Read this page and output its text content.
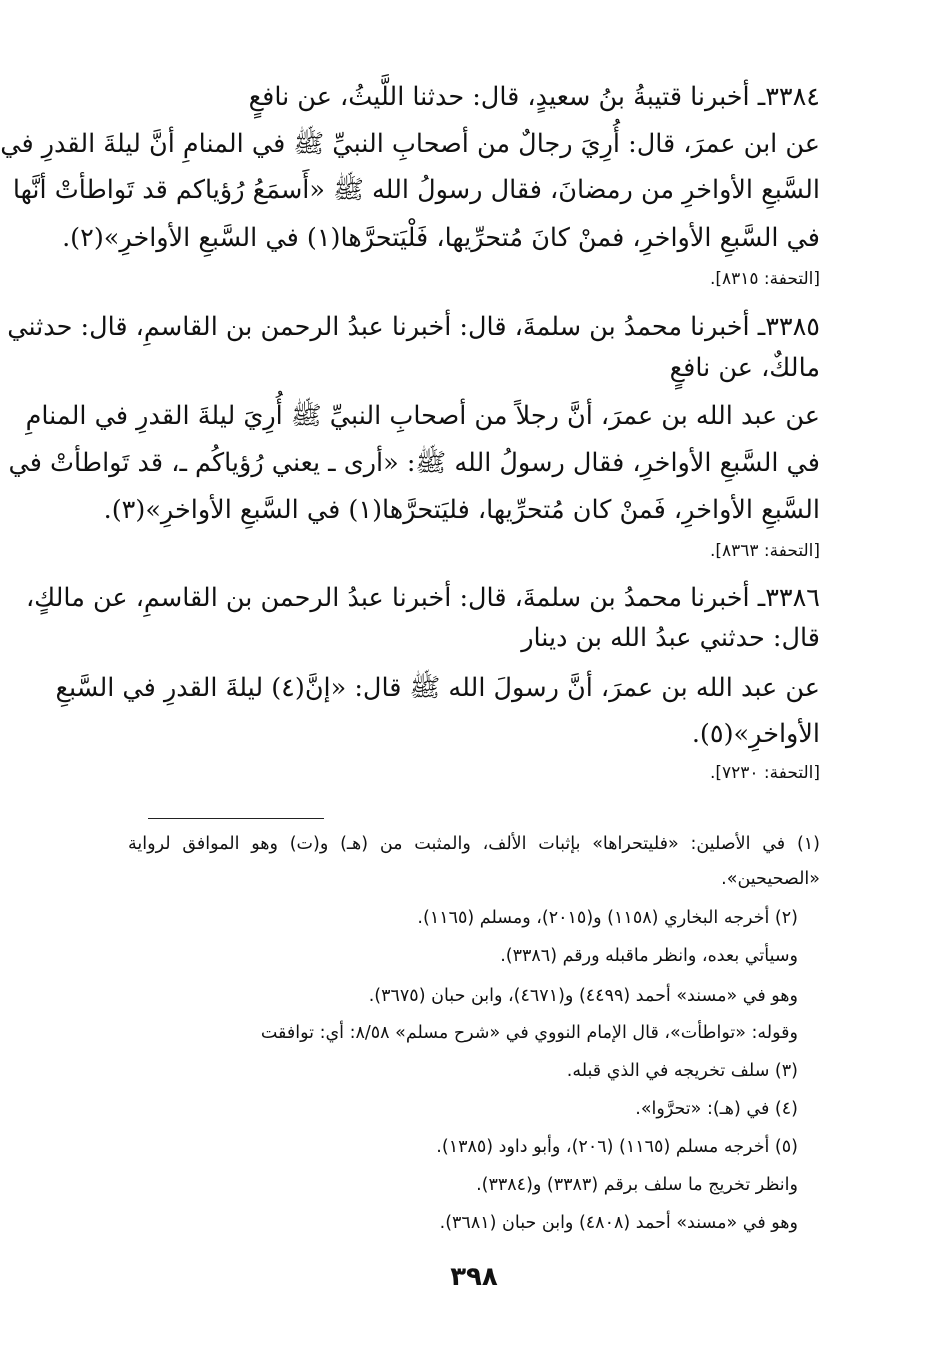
٣٣٨٤ـ أخبرنا قتيبةُ بنُ سعيدٍ، قال: حدثنا اللَّيثُ، عن نافعٍ
عن ابن عمرَ، قال: أُرِيَ رجالٌ من أصحابِ النبيِّ ﷺ في المنامِ أنَّ ليلةَ القدرِ في
السَّبعِ الأواخرِ من رمضانَ، فقال رسولُ الله ﷺ «أَسمَعُ رُؤياكم قد تَواطأتْ أنَّها
في السَّبعِ الأواخرِ، فمنْ كانَ مُتحرِّيها، فَلْيَتحرَّها(١) في السَّبعِ الأواخرِ»(٢).
[التحفة: ٨٣١٥].
٣٣٨٥ـ أخبرنا محمدُ بن سلمةَ، قال: أخبرنا عبدُ الرحمن بن القاسمِ، قال: حدثني
مالكٌ، عن نافعٍ
عن عبد الله بن عمرَ، أنَّ رجلاً من أصحابِ النبيِّ ﷺ أُرِيَ ليلةَ القدرِ في المنامِ
في السَّبعِ الأواخرِ، فقال رسولُ الله ﷺ: «أرى ـ يعني رُؤياكُم ـ، قد تَواطأتْ في
السَّبعِ الأواخرِ، فَمنْ كان مُتحرِّيها، فليَتحرَّها(١) في السَّبعِ الأواخرِ»(٣).
[التحفة: ٨٣٦٣].
٣٣٨٦ـ أخبرنا محمدُ بن سلمةَ، قال: أخبرنا عبدُ الرحمن بن القاسمِ، عن مالكٍ،
قال: حدثني عبدُ الله بن دينار
عن عبد الله بن عمرَ، أنَّ رسولَ الله ﷺ قال: «إنَّ(٤) ليلةَ القدرِ في السَّبعِ
الأواخرِ»(٥).
[التحفة: ٧٢٣٠].
(١) في الأصلين: «فليتحراها» بإثبات الألف، والمثبت من (هـ) و(ت) وهو الموافق لرواية
«الصحيحين».
(٢) أخرجه البخاري (١١٥٨) و(٢٠١٥)، ومسلم (١١٦٥).
وسيأتي بعده، وانظر ماقبله ورقم (٣٣٨٦).
وهو في «مسند» أحمد (٤٤٩٩) و(٤٦٧١)، وابن حبان (٣٦٧٥).
وقوله: «تواطأت»، قال الإمام النووي في «شرح مسلم» ٨/٥٨: أي: توافقت
(٣) سلف تخريجه في الذي قبله.
(٤) في (هـ): «تحرَّوا».
(٥) أخرجه مسلم (١١٦٥) (٢٠٦)، وأبو داود (١٣٨٥).
وانظر تخريج ما سلف برقم (٣٣٨٣) و(٣٣٨٤).
وهو في «مسند» أحمد (٤٨٠٨) وابن حبان (٣٦٨١).
٣٩٨
